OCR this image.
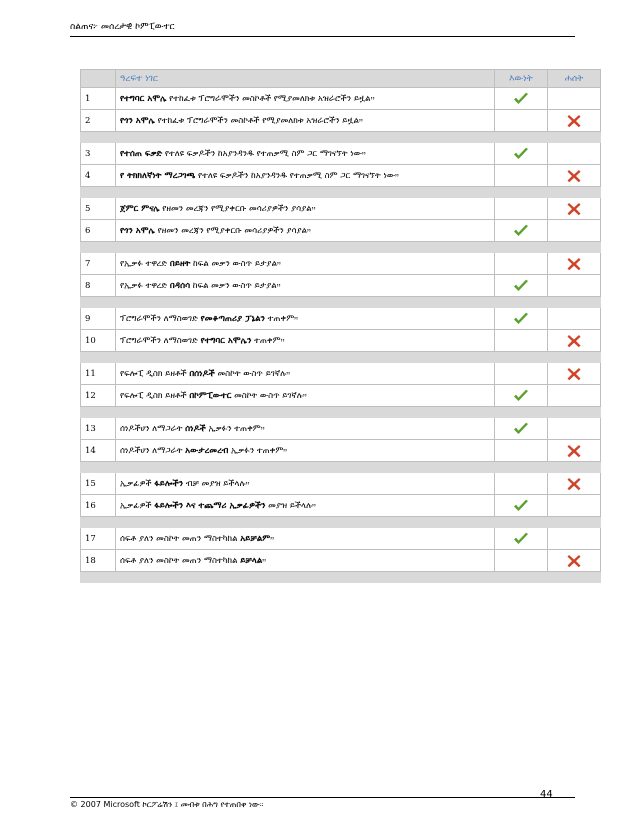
ስልጠና፦ መሰረታዊ ኮምፒውተር
	ዓረፍተ ነገር	እውነት	ሐሰት
1	የተግባር አሞሌ የተከፈቱ ፕሮግራሞችን መስኮቶች የሚያመለክቱ አዝራሮችን ይዟል።		
2	የጎን አሞሌ የተከፈቱ ፕሮግራሞችን መስኮቶች የሚያመለክቱ አዝራሮችን ይዟል።		

3	የተሰጠ ፍቃድ የተለዩ ፍቃዶችን ከአያንዳንዱ የተጠቃሚ ስም ጋር ማገናኘት ነው።		
4	የ ትክክለኛነት ማረጋገጫ የተለዩ ፍቃዶችን ከአያንዳንዱ የተጠቃሚ ስም ጋር ማገናኘት ነው።		

5	ጀምር ምናሌ የዘመን መረጃን የሚያቀርቡ መሳሪያዎችን ያሳያል።		
6	የጎን አሞሌ የዘመን መረጃን የሚያቀርቡ መሳሪያዎችን ያሳያል።		

7	የኢቃፉ ተዋረድ በይዘት ከፍል መቃን ውስጥ ይታያል።		
8	የኢቃፉ ተዋረድ በዳሰሳ ከፍል መቃን ውስጥ ይታያል።		

9	ፕሮግራሞችን ለማስወገድ የመቆጣጠሪያ ፓኔልን ተጠቀም።		
10	ፕሮግራሞችን ለማስወገድ የተግባር አሞሌን ተጠቀም።		

11	የፍሎፒ ዲስክ ይዘቶች በሰነዶች መስኮት ውስጥ ይገኛሉ።		
12	የፍሎፒ ዲስክ ይዘቶች በኮምፒውተር መስኮት ውስጥ ይገኛሉ።		

13	ሰነዶችሀን ለማጋራት ሰነዶች ኢቃፉን ተጠቀም።		
14	ሰነዶችሀን ለማጋራት አውታረመረብ ኢቃፉን ተጠቀም።		

15	ኢቃፊዎች ፋይሎችን ብቻ መያዝ ይችላሉ።		
16	ኢቃፊዎች ፋይሎችን እና ተጨማሪ ኢቃፊዎችን መያዝ ይችላሉ።		

17	ሰፍቶ ያለን መስኮት መጠን ማስተካከል አይቻልም።		
18	ሰፍቶ ያለን መስኮት መጠን ማስተካከል ይቻላል።		

44
© 2007 Microsoft ኮርፖሬሽን ፤ መብቱ በሕግ የተጠበቀ ነው።
